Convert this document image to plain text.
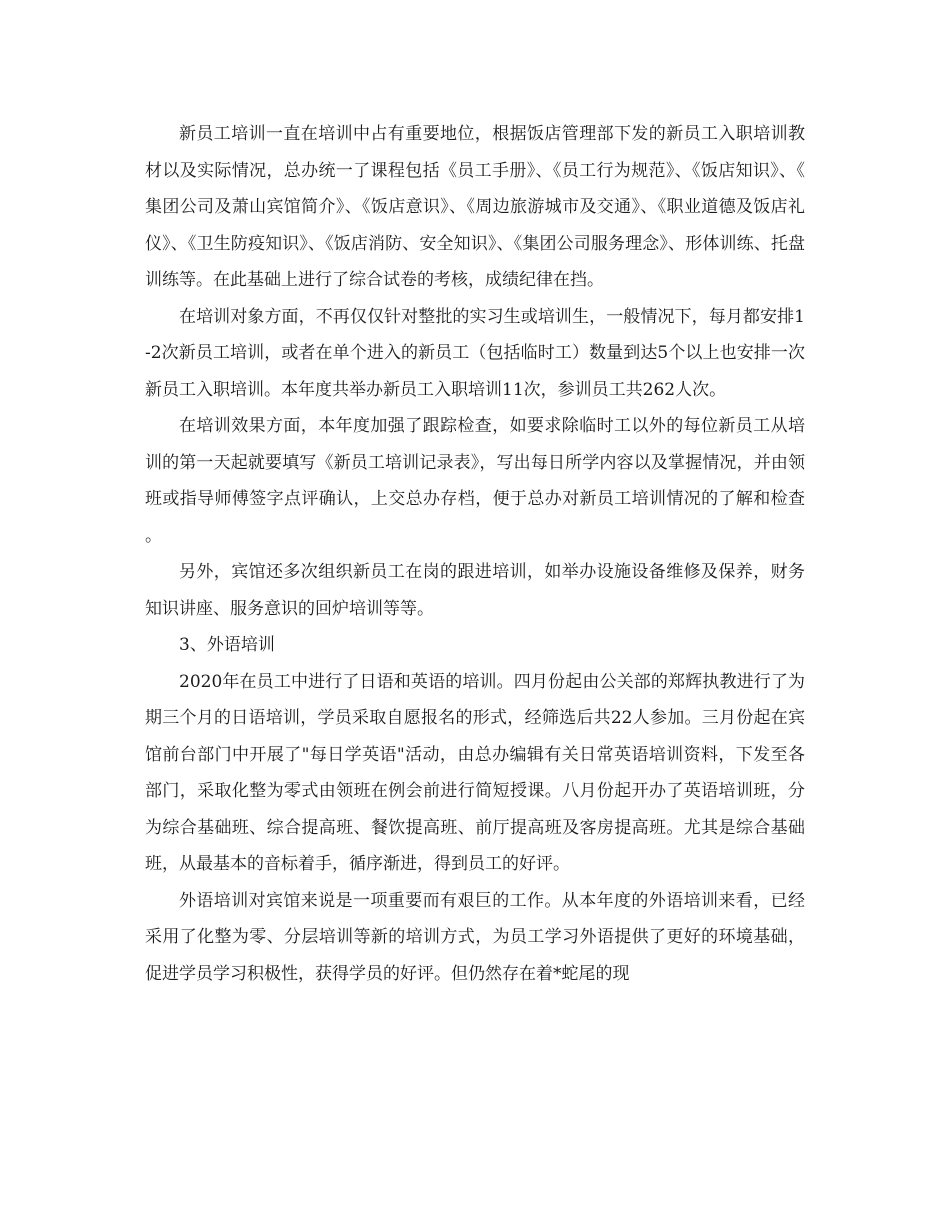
新员工培训一直在培训中占有重要地位，根据饭店管理部下发的新员工入职培训教材以及实际情况，总办统一了课程包括《员工手册》、《员工行为规范》、《饭店知识》、《集团公司及萧山宾馆简介》、《饭店意识》、《周边旅游城市及交通》、《职业道德及饭店礼仪》、《卫生防疫知识》、《饭店消防、安全知识》、《集团公司服务理念》、形体训练、托盘训练等。在此基础上进行了综合试卷的考核，成绩纪律在挡。

在培训对象方面，不再仅仅针对整批的实习生或培训生，一般情况下，每月都安排1-2次新员工培训，或者在单个进入的新员工（包括临时工）数量到达5个以上也安排一次新员工入职培训。本年度共举办新员工入职培训11次，参训员工共262人次。

在培训效果方面，本年度加强了跟踪检查，如要求除临时工以外的每位新员工从培训的第一天起就要填写《新员工培训记录表》，写出每日所学内容以及掌握情况，并由领班或指导师傅签字点评确认，上交总办存档，便于总办对新员工培训情况的了解和检查。

另外，宾馆还多次组织新员工在岗的跟进培训，如举办设施设备维修及保养，财务知识讲座、服务意识的回炉培训等等。

3、外语培训

2020年在员工中进行了日语和英语的培训。四月份起由公关部的郑辉执教进行了为期三个月的日语培训，学员采取自愿报名的形式，经筛选后共22人参加。三月份起在宾馆前台部门中开展了"每日学英语"活动，由总办编辑有关日常英语培训资料，下发至各部门，采取化整为零式由领班在例会前进行简短授课。八月份起开办了英语培训班，分为综合基础班、综合提高班、餐饮提高班、前厅提高班及客房提高班。尤其是综合基础班，从最基本的音标着手，循序渐进，得到员工的好评。

外语培训对宾馆来说是一项重要而有艰巨的工作。从本年度的外语培训来看，已经采用了化整为零、分层培训等新的培训方式，为员工学习外语提供了更好的环境基础，促进学员学习积极性，获得学员的好评。但仍然存在着*蛇尾的现
